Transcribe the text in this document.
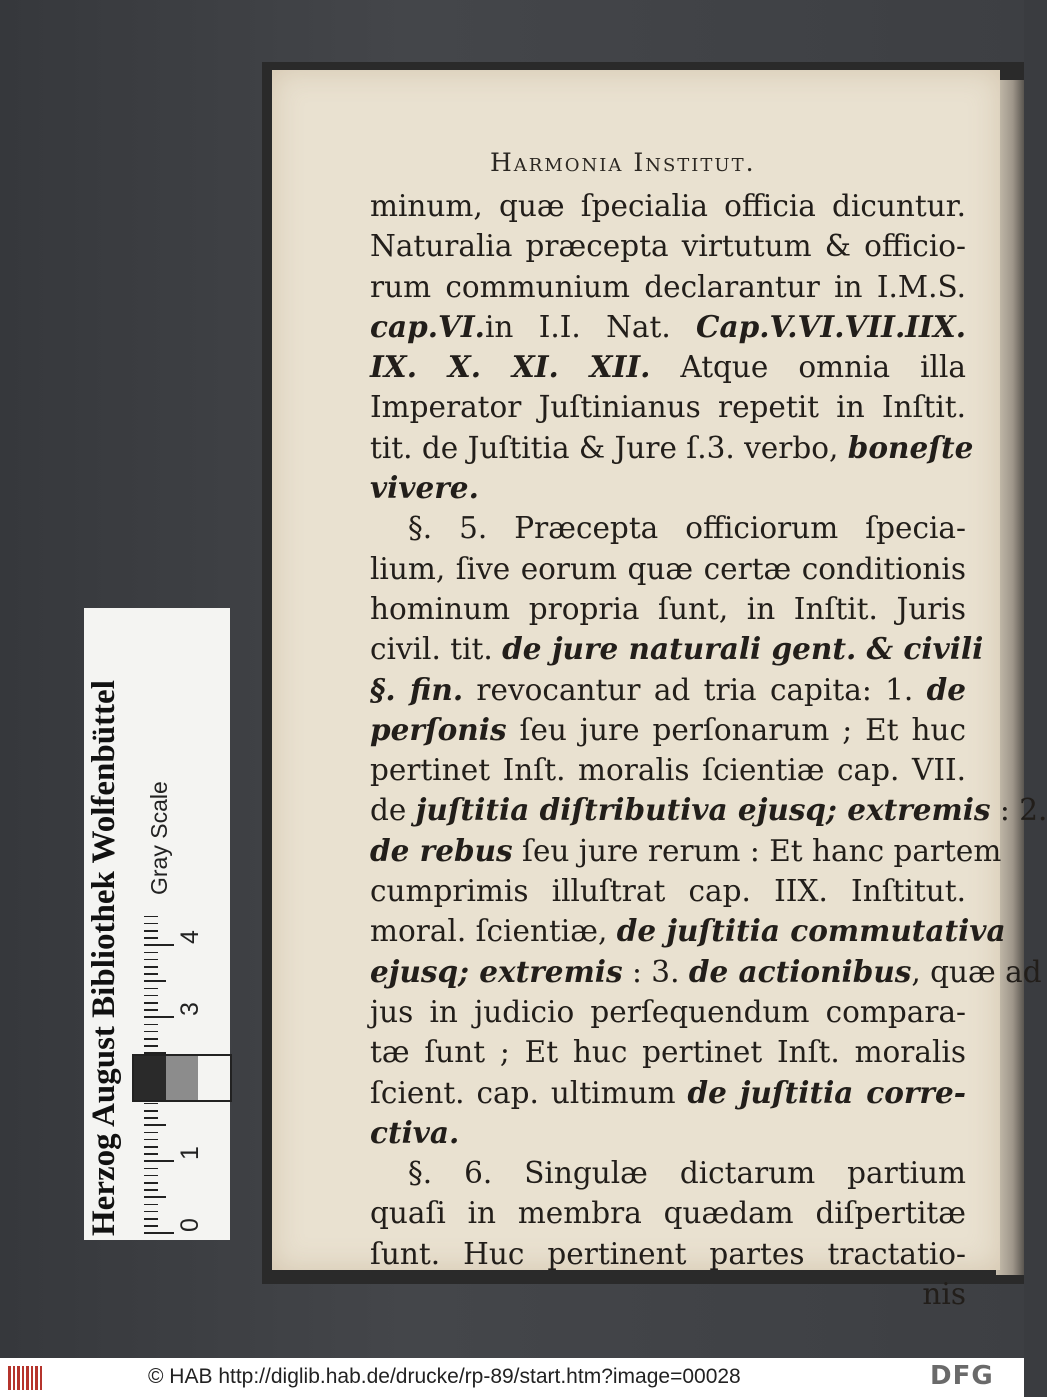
Harmonia Institut.
minum, quæ ſpecialia officia dicuntur.
Naturalia præcepta virtutum & officio-
rum communium declarantur in I.M.S.
cap.VI.in I.I. Nat. Cap.V.VI.VII.IIX.
IX. X. XI. XII. Atque omnia illa
Imperator Juſtinianus repetit in Inſtit.
tit. de Juſtitia & Jure ſ.3. verbo, boneſte
vivere.
§. 5. Præcepta officiorum ſpecia-
lium, ſive eorum quæ certæ conditionis
hominum propria ſunt, in Inſtit. Juris
civil. tit. de jure naturali gent. & civili
§. fin. revocantur ad tria capita: 1. de
perſonis ſeu jure perſonarum ; Et huc
pertinet Inſt. moralis ſcientiæ cap. VII.
de juſtitia diſtributiva ejusq; extremis : 2.
de rebus ſeu jure rerum : Et hanc partem
cumprimis illuſtrat cap. IIX. Inſtitut.
moral. ſcientiæ, de juſtitia commutativa
ejusq; extremis : 3. de actionibus, quæ ad
jus in judicio perſequendum compara-
tæ ſunt ; Et huc pertinet Inſt. moralis
ſcient. cap. ultimum de juſtitia corre-
ctiva.
§. 6. Singulæ dictarum partium
quaſi in membra quædam diſpertitæ
ſunt. Huc pertinent partes tractatio-
nis
Herzog August Bibliothek Wolfenbüttel 0
1
3
4
Gray Scale
© HAB http://diglib.hab.de/drucke/rp-89/start.htm?image=00028	DFG
